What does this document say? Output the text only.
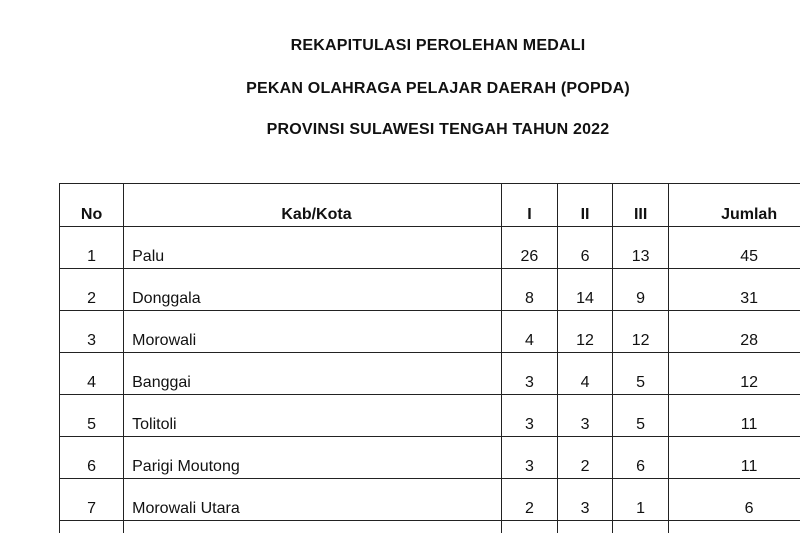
REKAPITULASI PEROLEHAN MEDALI
PEKAN OLAHRAGA PELAJAR DAERAH (POPDA)
PROVINSI SULAWESI TENGAH TAHUN 2022
No	Kab/Kota	I	II	III	Jumlah
1	Palu	26	6	13	45
2	Donggala	8	14	9	31
3	Morowali	4	12	12	28
4	Banggai	3	4	5	12
5	Tolitoli	3	3	5	11
6	Parigi Moutong	3	2	6	11
7	Morowali Utara	2	3	1	6
